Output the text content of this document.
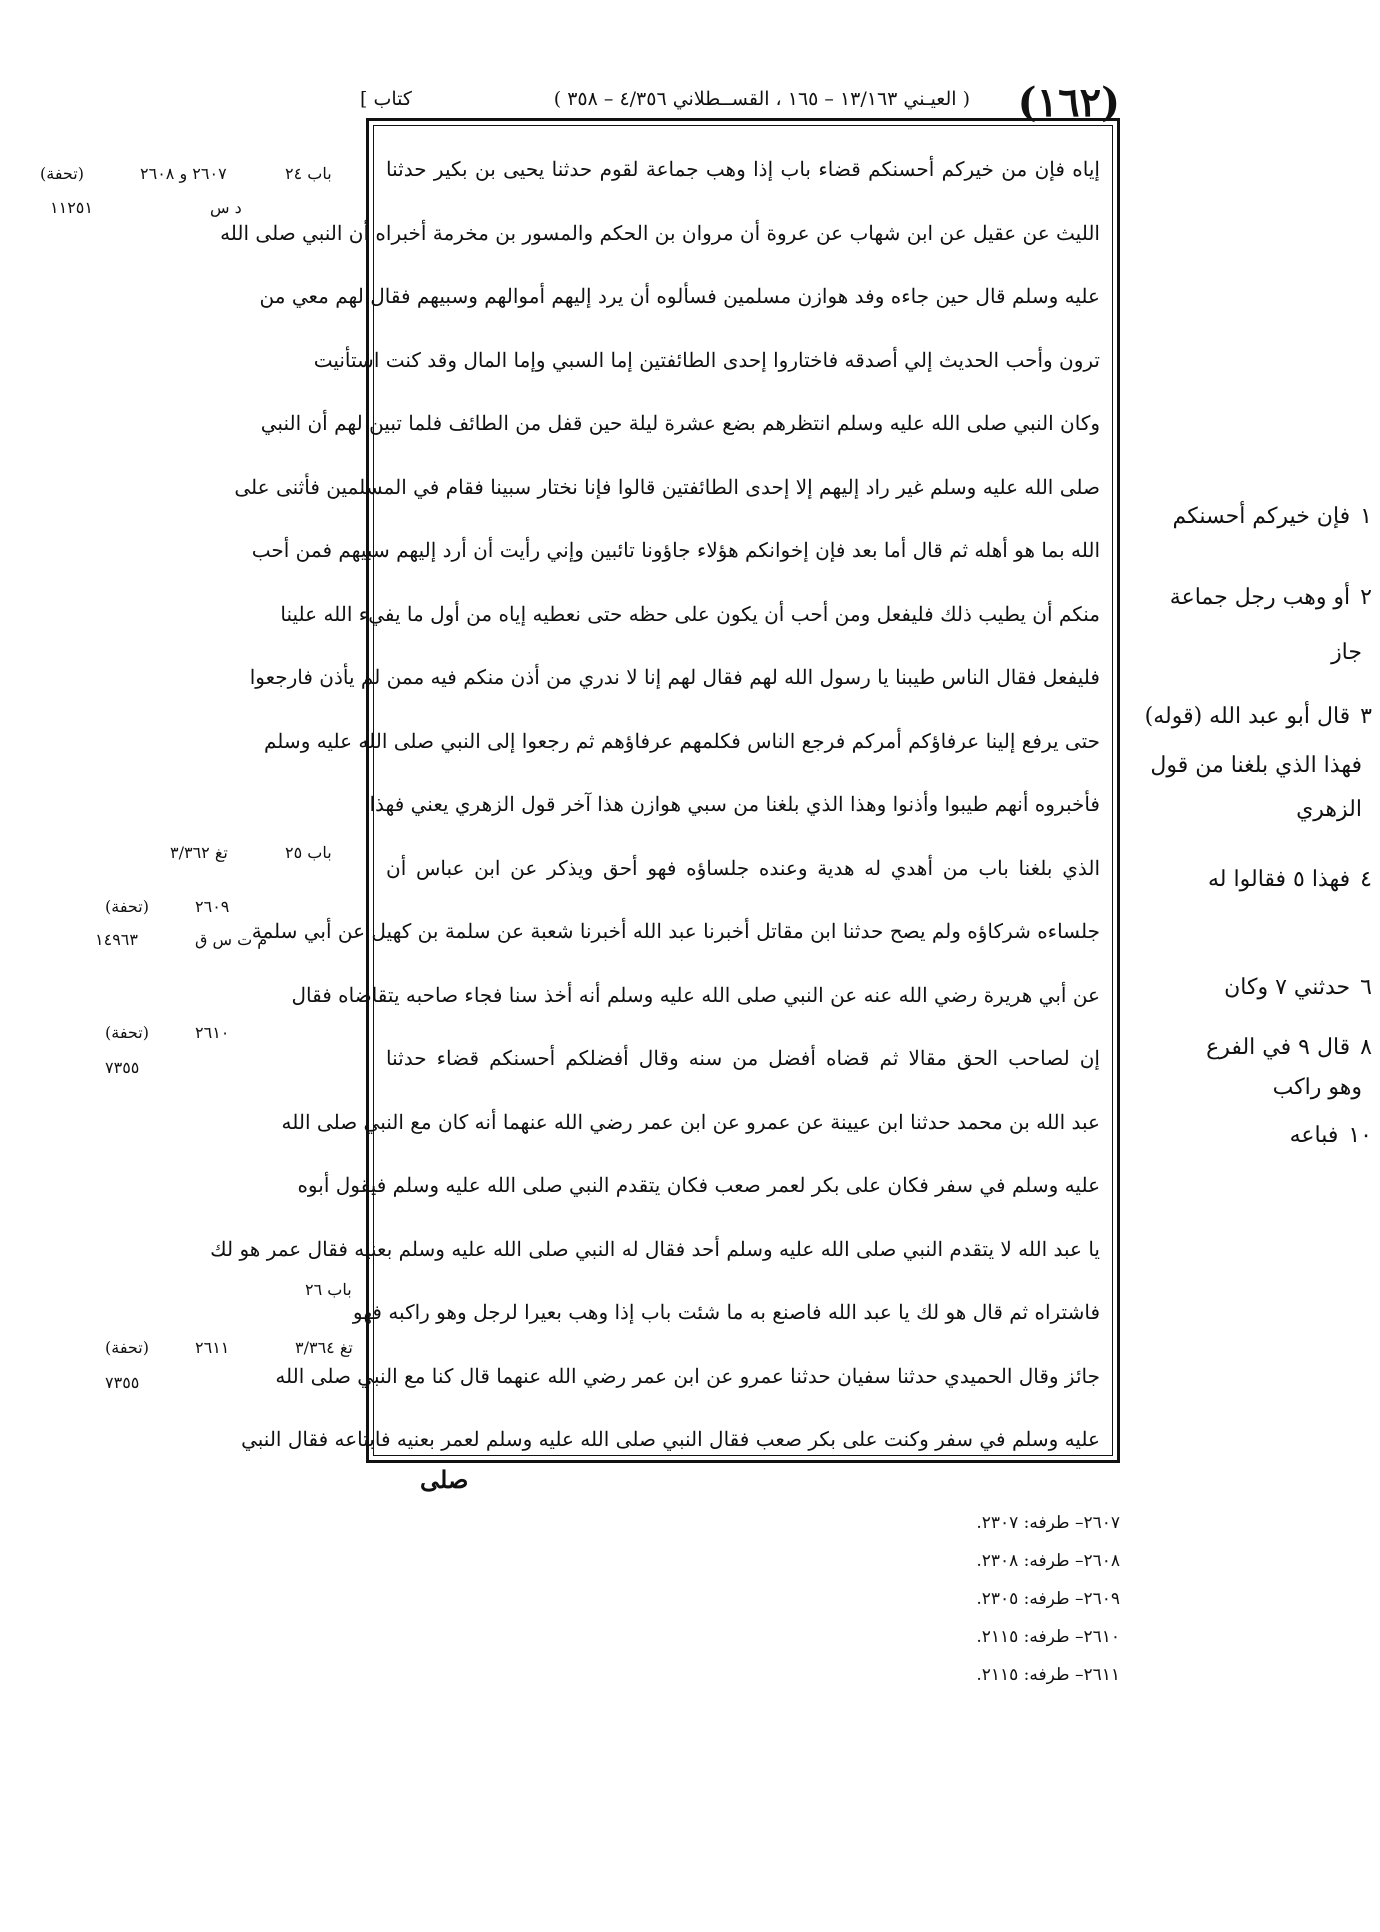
(١٦٢)
( العيـني ١٣/١٦٣ – ١٦٥ ، القســطلاني ٤/٣٥٦ – ٣٥٨ )
كتاب ]
إياه فإن من خيركم أحسنكم قضاء باب إذا وهب جماعة لقوم حدثنا يحيى بن بكير حدثنا
الليث عن عقيل عن ابن شهاب عن عروة أن مروان بن الحكم والمسور بن مخرمة أخبراه أن النبي صلى الله
عليه وسلم قال حين جاءه وفد هوازن مسلمين فسألوه أن يرد إليهم أموالهم وسبيهم فقال لهم معي من
ترون وأحب الحديث إلي أصدقه فاختاروا إحدى الطائفتين إما السبي وإما المال وقد كنت استأنيت
وكان النبي صلى الله عليه وسلم انتظرهم بضع عشرة ليلة حين قفل من الطائف فلما تبين لهم أن النبي
صلى الله عليه وسلم غير راد إليهم إلا إحدى الطائفتين قالوا فإنا نختار سبينا فقام في المسلمين فأثنى على
الله بما هو أهله ثم قال أما بعد فإن إخوانكم هؤلاء جاؤونا تائبين وإني رأيت أن أرد إليهم سبيهم فمن أحب
منكم أن يطيب ذلك فليفعل ومن أحب أن يكون على حظه حتى نعطيه إياه من أول ما يفيء الله علينا
فليفعل فقال الناس طيبنا يا رسول الله لهم فقال لهم إنا لا ندري من أذن منكم فيه ممن لم يأذن فارجعوا
حتى يرفع إلينا عرفاؤكم أمركم فرجع الناس فكلمهم عرفاؤهم ثم رجعوا إلى النبي صلى الله عليه وسلم
فأخبروه أنهم طيبوا وأذنوا وهذا الذي بلغنا من سبي هوازن هذا آخر قول الزهري يعني فهذا
الذي بلغنا باب من أهدي له هدية وعنده جلساؤه فهو أحق ويذكر عن ابن عباس أن
جلساءه شركاؤه ولم يصح حدثنا ابن مقاتل أخبرنا عبد الله أخبرنا شعبة عن سلمة بن كهيل عن أبي سلمة
عن أبي هريرة رضي الله عنه عن النبي صلى الله عليه وسلم أنه أخذ سنا فجاء صاحبه يتقاضاه فقال
إن لصاحب الحق مقالا ثم قضاه أفضل من سنه وقال أفضلكم أحسنكم قضاء حدثنا
عبد الله بن محمد حدثنا ابن عيينة عن عمرو عن ابن عمر رضي الله عنهما أنه كان مع النبي صلى الله
عليه وسلم في سفر فكان على بكر لعمر صعب فكان يتقدم النبي صلى الله عليه وسلم فيقول أبوه
يا عبد الله لا يتقدم النبي صلى الله عليه وسلم أحد فقال له النبي صلى الله عليه وسلم بعنيه فقال عمر هو لك
فاشتراه ثم قال هو لك يا عبد الله فاصنع به ما شئت باب إذا وهب بعيرا لرجل وهو راكبه فهو
جائز وقال الحميدي حدثنا سفيان حدثنا عمرو عن ابن عمر رضي الله عنهما قال كنا مع النبي صلى الله
عليه وسلم في سفر وكنت على بكر صعب فقال النبي صلى الله عليه وسلم لعمر بعنيه فابتاعه فقال النبي
صلى
باب ٢٤
٢٦٠٧ و ٢٦٠٨
(تحفة)
د س
١١٢٥١
باب ٢٥
تغ ٣/٣٦٢
٢٦٠٩
(تحفة)
م ت س ق
١٤٩٦٣
٢٦١٠
(تحفة)
٧٣٥٥
باب ٢٦
تغ ٣/٣٦٤
٢٦١١
(تحفة)
٧٣٥٥
١فإن خيركم أحسنكم
٢أو وهب رجل جماعة
جاز
٣قال أبو عبد الله (قوله)
فهذا الذي بلغنا من قول
الزهري
٤فهذا ٥ فقالوا له
٦حدثني ٧ وكان
٨قال ٩ في الفرع
وهو راكب
١٠فباعه
٢٦٠٧– طرفه: ٢٣٠٧.
٢٦٠٨– طرفه: ٢٣٠٨.
٢٦٠٩– طرفه: ٢٣٠٥.
٢٦١٠– طرفه: ٢١١٥.
٢٦١١– طرفه: ٢١١٥.
